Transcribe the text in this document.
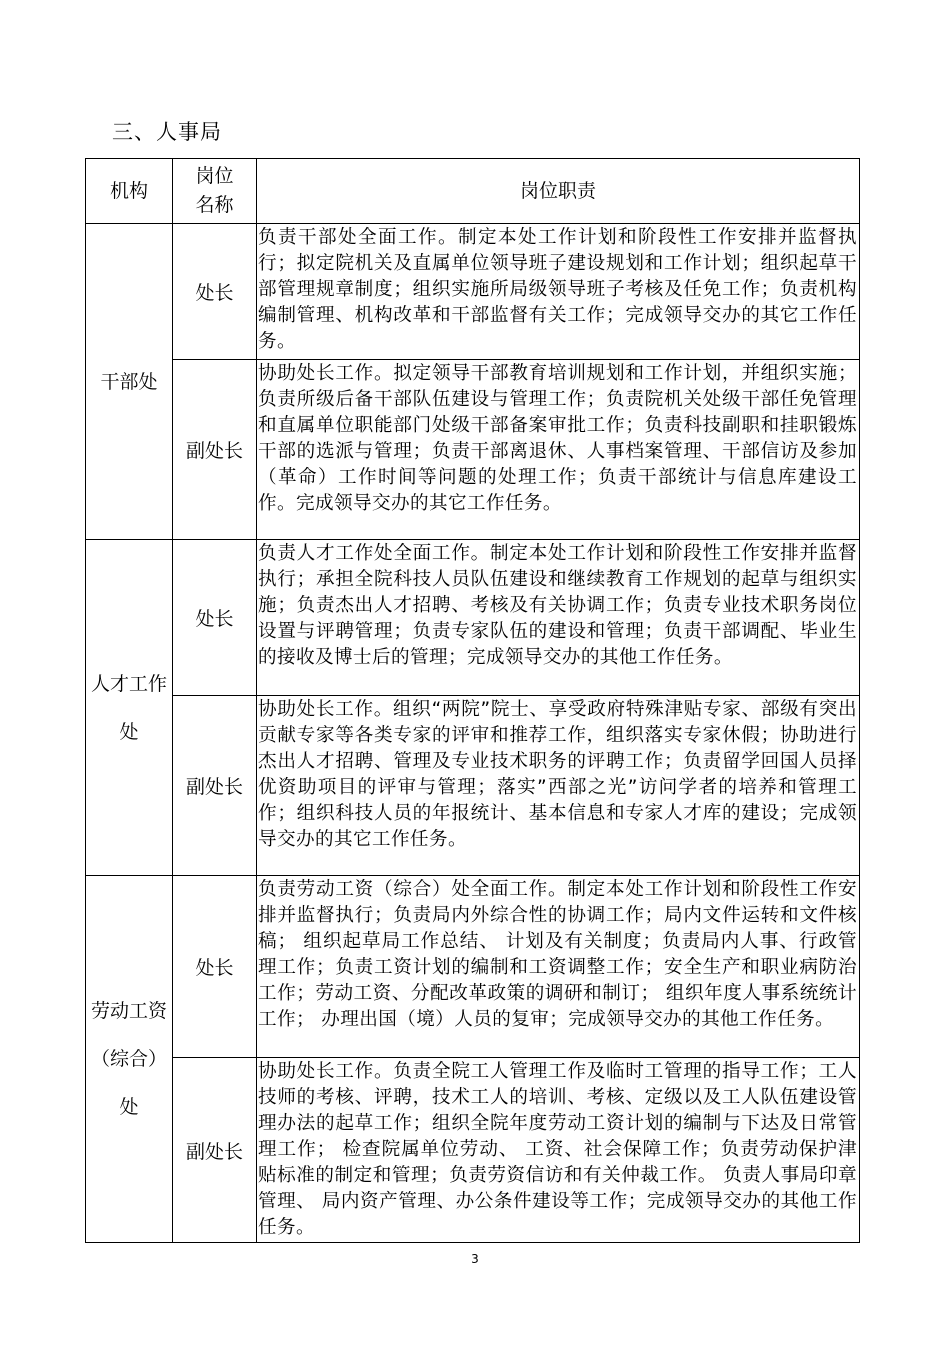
三、人事局
机构	岗位名称	岗位职责
干部处	处长	负责干部处全面工作。制定本处工作计划和阶段性工作安排并监督执行；拟定院机关及直属单位领导班子建设规划和工作计划；组织起草干部管理规章制度；组织实施所局级领导班子考核及任免工作；负责机构编制管理、机构改革和干部监督有关工作；完成领导交办的其它工作任务。
	副处长	协助处长工作。拟定领导干部教育培训规划和工作计划，并组织实施；负责所级后备干部队伍建设与管理工作；负责院机关处级干部任免管理和直属单位职能部门处级干部备案审批工作；负责科技副职和挂职锻炼干部的选派与管理；负责干部离退休、人事档案管理、干部信访及参加（革命）工作时间等问题的处理工作；负责干部统计与信息库建设工作。完成领导交办的其它工作任务。
人才工作处	处长	负责人才工作处全面工作。制定本处工作计划和阶段性工作安排并监督执行；承担全院科技人员队伍建设和继续教育工作规划的起草与组织实施；负责杰出人才招聘、考核及有关协调工作；负责专业技术职务岗位设置与评聘管理；负责专家队伍的建设和管理；负责干部调配、毕业生的接收及博士后的管理；完成领导交办的其他工作任务。
	副处长	协助处长工作。组织“两院”院士、享受政府特殊津贴专家、部级有突出贡献专家等各类专家的评审和推荐工作，组织落实专家休假；协助进行杰出人才招聘、管理及专业技术职务的评聘工作；负责留学回国人员择优资助项目的评审与管理；落实”西部之光”访问学者的培养和管理工作；组织科技人员的年报统计、基本信息和专家人才库的建设；完成领导交办的其它工作任务。
劳动工资（综合）处	处长	负责劳动工资（综合）处全面工作。制定本处工作计划和阶段性工作安排并监督执行；负责局内外综合性的协调工作；局内文件运转和文件核稿； 组织起草局工作总结、 计划及有关制度；负责局内人事、行政管理工作；负责工资计划的编制和工资调整工作；安全生产和职业病防治工作；劳动工资、分配改革政策的调研和制订； 组织年度人事系统统计工作； 办理出国（境）人员的复审；完成领导交办的其他工作任务。
	副处长	协助处长工作。负责全院工人管理工作及临时工管理的指导工作；工人技师的考核、评聘，技术工人的培训、考核、定级以及工人队伍建设管理办法的起草工作；组织全院年度劳动工资计划的编制与下达及日常管理工作； 检查院属单位劳动、 工资、社会保障工作；负责劳动保护津贴标准的制定和管理；负责劳资信访和有关仲裁工作。 负责人事局印章管理、 局内资产管理、办公条件建设等工作；完成领导交办的其他工作任务。
3
